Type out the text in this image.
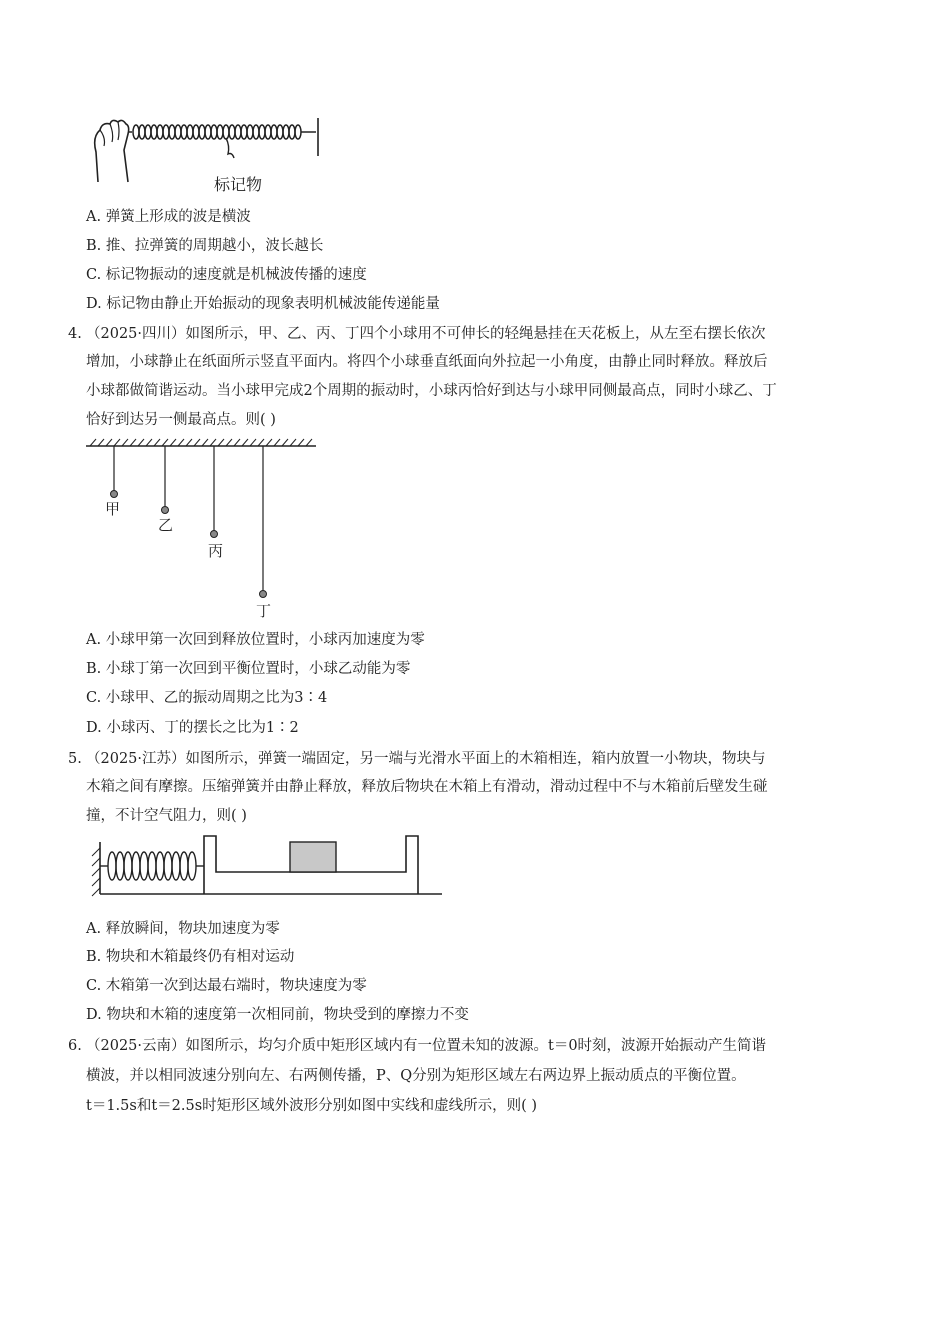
标记物
A. 弹簧上形成的波是横波
B. 推、拉弹簧的周期越小，波长越长
C. 标记物振动的速度就是机械波传播的速度
D. 标记物由静止开始振动的现象表明机械波能传递能量
4. （2025·四川）如图所示，甲、乙、丙、丁四个小球用不可伸长的轻绳悬挂在天花板上，从左至右摆长依次
增加，小球静止在纸面所示竖直平面内。将四个小球垂直纸面向外拉起一小角度，由静止同时释放。释放后
小球都做简谐运动。当小球甲完成2个周期的振动时，小球丙恰好到达与小球甲同侧最高点，同时小球乙、丁
恰好到达另一侧最高点。则( )
甲
乙
丙
丁
A. 小球甲第一次回到释放位置时，小球丙加速度为零
B. 小球丁第一次回到平衡位置时，小球乙动能为零
C. 小球甲、乙的振动周期之比为3∶4
D. 小球丙、丁的摆长之比为1∶2
5. （2025·江苏）如图所示，弹簧一端固定，另一端与光滑水平面上的木箱相连，箱内放置一小物块，物块与
木箱之间有摩擦。压缩弹簧并由静止释放，释放后物块在木箱上有滑动，滑动过程中不与木箱前后壁发生碰
撞，不计空气阻力，则( )
A. 释放瞬间，物块加速度为零
B. 物块和木箱最终仍有相对运动
C. 木箱第一次到达最右端时，物块速度为零
D. 物块和木箱的速度第一次相同前，物块受到的摩擦力不变
6. （2025·云南）如图所示，均匀介质中矩形区域内有一位置未知的波源。t＝0时刻，波源开始振动产生简谐
横波，并以相同波速分别向左、右两侧传播，P、Q分别为矩形区域左右两边界上振动质点的平衡位置。
t＝1.5s和t＝2.5s时矩形区域外波形分别如图中实线和虚线所示，则( )
